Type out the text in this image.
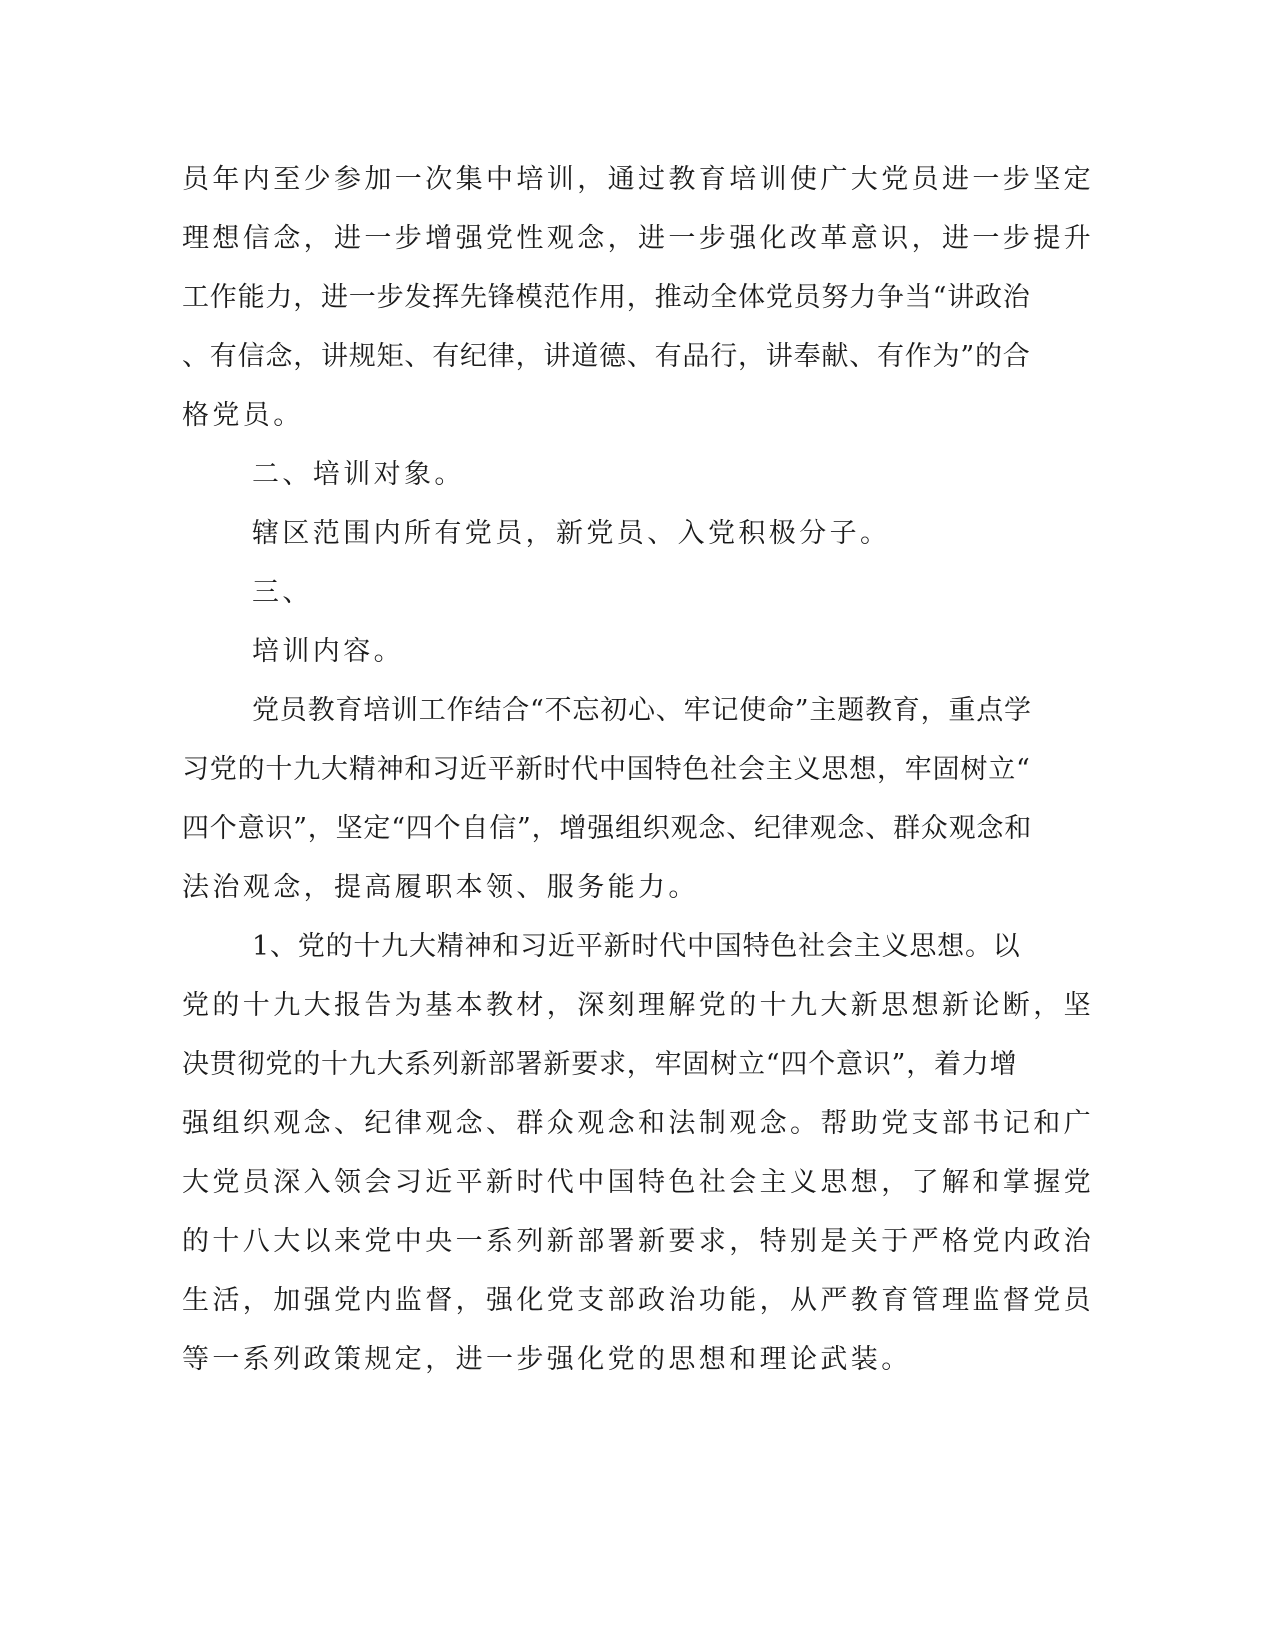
员年内至少参加一次集中培训，通过教育培训使广大党员进一步坚定
理想信念，进一步增强党性观念，进一步强化改革意识，进一步提升
工作能力，进一步发挥先锋模范作用，推动全体党员努力争当“讲政治
、有信念，讲规矩、有纪律，讲道德、有品行，讲奉献、有作为”的合
格党员。
二、培训对象。
辖区范围内所有党员，新党员、入党积极分子。
三、
培训内容。
党员教育培训工作结合“不忘初心、牢记使命”主题教育，重点学
习党的十九大精神和习近平新时代中国特色社会主义思想，牢固树立“
四个意识”，坚定“四个自信”，增强组织观念、纪律观念、群众观念和
法治观念，提高履职本领、服务能力。
1、党的十九大精神和习近平新时代中国特色社会主义思想。以
党的十九大报告为基本教材，深刻理解党的十九大新思想新论断，坚
决贯彻党的十九大系列新部署新要求，牢固树立“四个意识”，着力增
强组织观念、纪律观念、群众观念和法制观念。帮助党支部书记和广
大党员深入领会习近平新时代中国特色社会主义思想，了解和掌握党
的十八大以来党中央一系列新部署新要求，特别是关于严格党内政治
生活，加强党内监督，强化党支部政治功能，从严教育管理监督党员
等一系列政策规定，进一步强化党的思想和理论武装。
